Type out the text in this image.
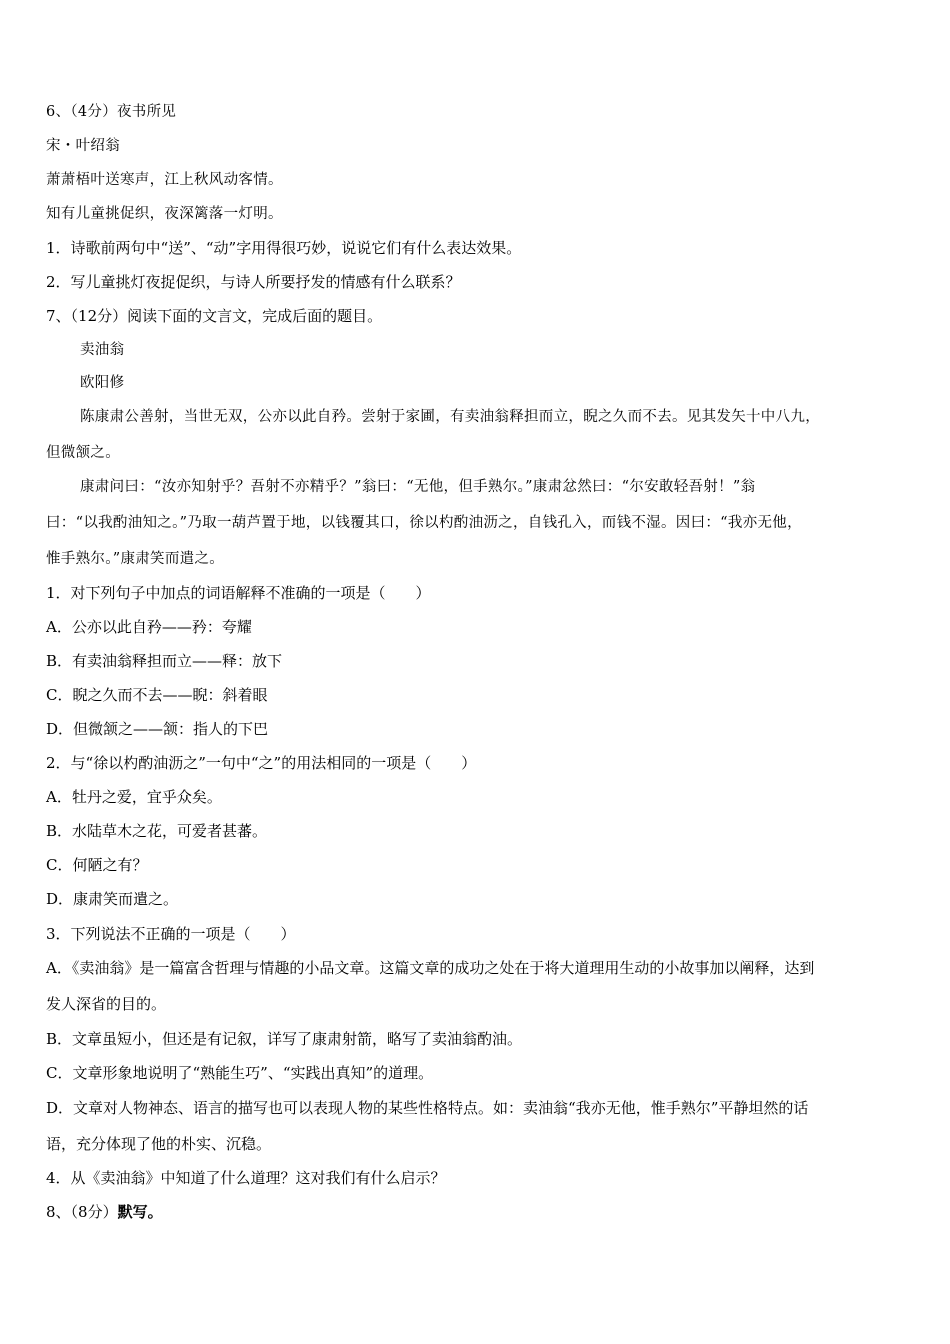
6、（4分）夜书所见
宋・叶绍翁
萧萧梧叶送寒声，江上秋风动客情。
知有儿童挑促织，夜深篱落一灯明。
1．诗歌前两句中“送”、“动”字用得很巧妙，说说它们有什么表达效果。
2．写儿童挑灯夜捉促织，与诗人所要抒发的情感有什么联系？
7、（12分）阅读下面的文言文，完成后面的题目。
卖油翁
欧阳修
陈康肃公善射，当世无双，公亦以此自矜。尝射于家圃，有卖油翁释担而立，睨之久而不去。见其发矢十中八九，
但微颔之。
康肃问曰：“汝亦知射乎？吾射不亦精乎？”翁曰：“无他，但手熟尔。”康肃忿然曰：“尔安敢轻吾射！”翁
曰：“以我酌油知之。”乃取一葫芦置于地，以钱覆其口，徐以杓酌油沥之，自钱孔入，而钱不湿。因曰：“我亦无他，
惟手熟尔。”康肃笑而遣之。
1．对下列句子中加点的词语解释不准确的一项是（　　）
A．公亦以此自矜——矜：夸耀
B．有卖油翁释担而立——释：放下
C．睨之久而不去——睨：斜着眼
D．但微颔之——颔：指人的下巴
2．与“徐以杓酌油沥之”一句中“之”的用法相同的一项是（　　）
A．牡丹之爱，宜乎众矣。
B．水陆草木之花，可爱者甚蕃。
C．何陋之有？
D．康肃笑而遣之。
3．下列说法不正确的一项是（　　）
A．《卖油翁》是一篇富含哲理与情趣的小品文章。这篇文章的成功之处在于将大道理用生动的小故事加以阐释，达到
发人深省的目的。
B．文章虽短小，但还是有记叙，详写了康肃射箭，略写了卖油翁酌油。
C．文章形象地说明了“熟能生巧”、“实践出真知”的道理。
D．文章对人物神态、语言的描写也可以表现人物的某些性格特点。如：卖油翁“我亦无他，惟手熟尔”平静坦然的话
语，充分体现了他的朴实、沉稳。
4．从《卖油翁》中知道了什么道理？这对我们有什么启示？
8、（8分）默写。
